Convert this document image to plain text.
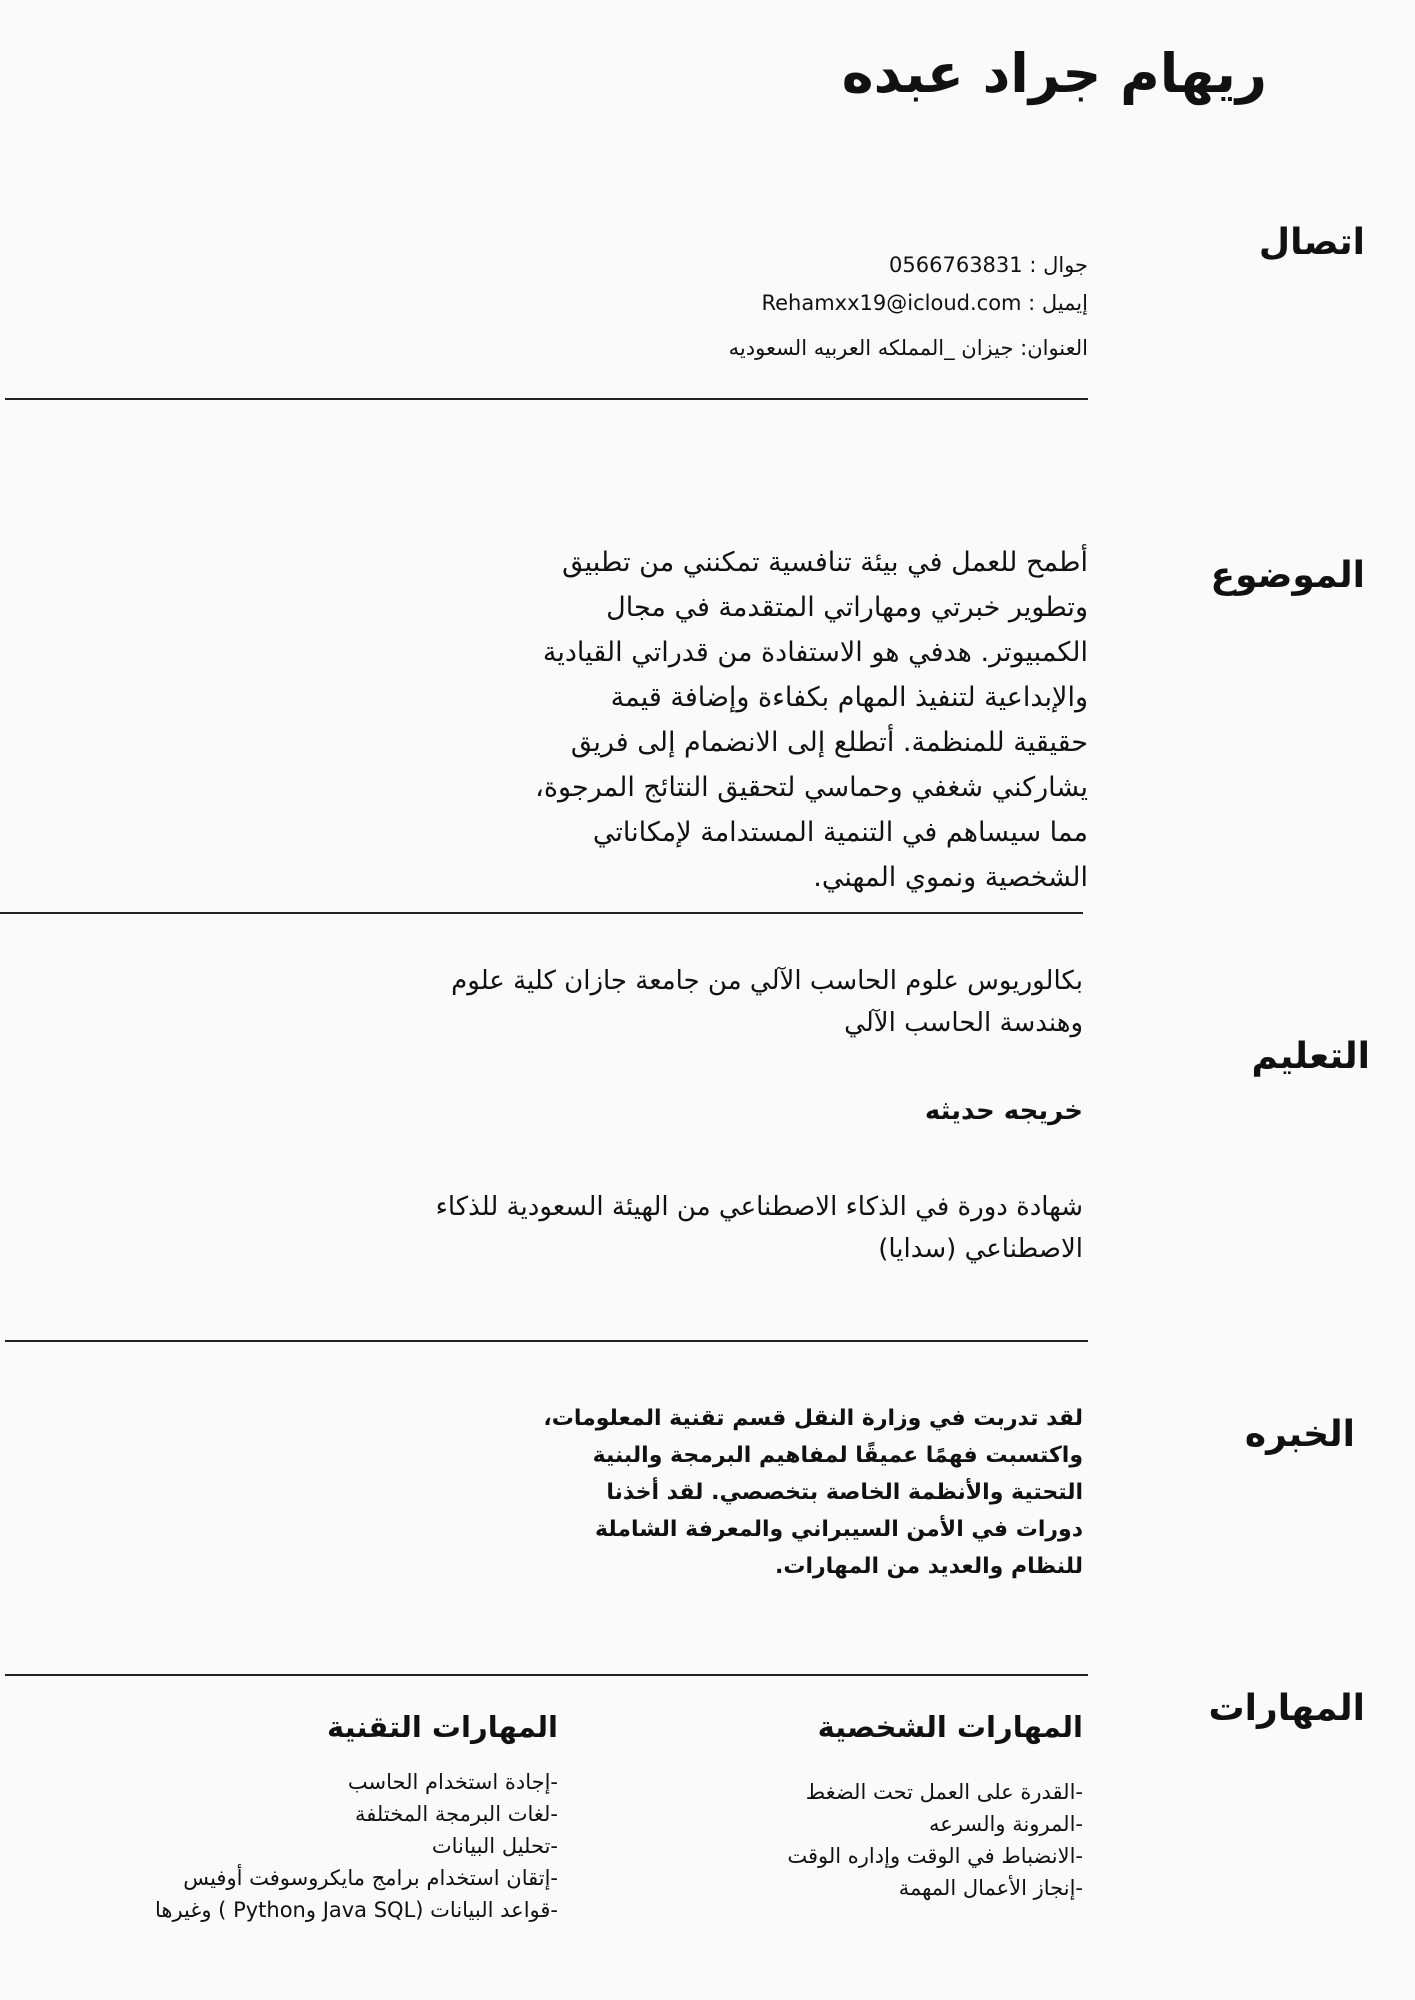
ريهام جراد عبده
اتصال
جوال : 0566763831
إيميل : Rehamxx19@icloud.com
العنوان: جيزان _المملكه العربيه السعوديه
الموضوع
أطمح للعمل في بيئة تنافسية تمكنني من تطبيق وتطوير خبرتي ومهاراتي المتقدمة في مجال الكمبيوتر. هدفي هو الاستفادة من قدراتي القيادية والإبداعية لتنفيذ المهام بكفاءة وإضافة قيمة حقيقية للمنظمة. أتطلع إلى الانضمام إلى فريق يشاركني شغفي وحماسي لتحقيق النتائج المرجوة، مما سيساهم في التنمية المستدامة لإمكاناتي الشخصية ونموي المهني.
التعليم
بكالوريوس علوم الحاسب الآلي من جامعة جازان كلية علوم وهندسة الحاسب الآلي
خريجه حديثه
شهادة دورة في الذكاء الاصطناعي من الهيئة السعودية للذكاء الاصطناعي (سدايا)
الخبره
لقد تدربت في وزارة النقل قسم تقنية المعلومات، واكتسبت فهمًا عميقًا لمفاهيم البرمجة والبنية التحتية والأنظمة الخاصة بتخصصي. لقد أخذنا دورات في الأمن السيبراني والمعرفة الشاملة للنظام والعديد من المهارات.
المهارات
المهارات الشخصية
-القدرة على العمل تحت الضغط
-المرونة والسرعه
-الانضباط في الوقت وإداره الوقت
-إنجاز الأعمال المهمة
المهارات التقنية
-إجادة استخدام الحاسب
-لغات البرمجة المختلفة
-تحليل البيانات
-إتقان استخدام برامج مايكروسوفت أوفيس
-قواعد البيانات (Java SQL وPython ) وغيرها
